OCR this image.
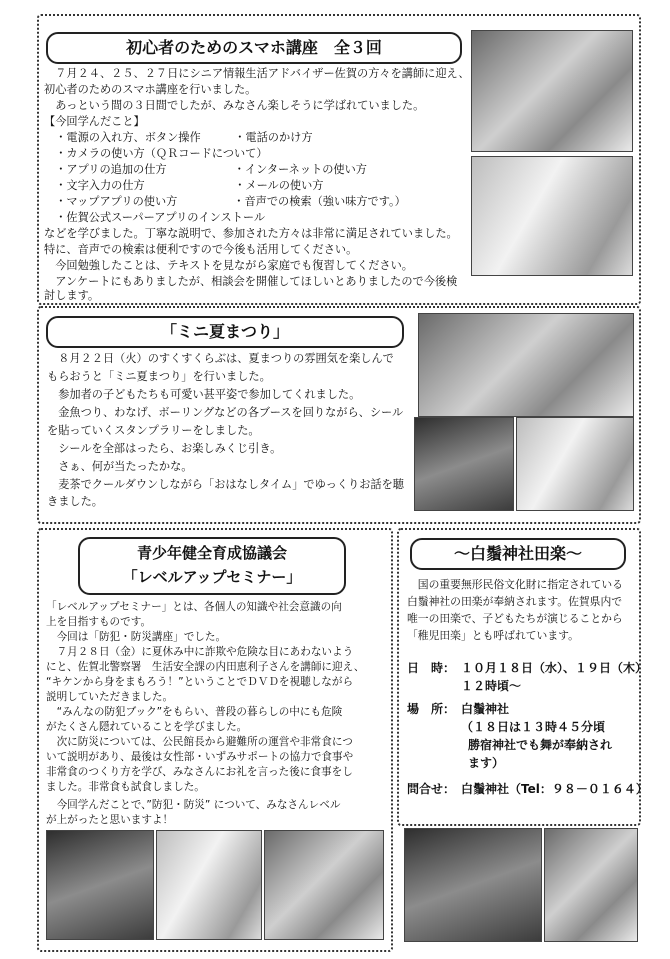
初心者のためのスマホ講座　全３回
　７月２４、２５、２７日にシニア情報生活アドバイザー佐賀の方々を講師に迎え、
初心者のためのスマホ講座を行いました。
　あっという間の３日間でしたが、みなさん楽しそうに学ばれていました。
【今回学んだこと】
　・電源の入れ方、ボタン操作　　　・電話のかけ方
　・カメラの使い方（ＱＲコードについて）
　・アプリの追加の仕方　　　　　　・インターネットの使い方
　・文字入力の仕方　　　　　　　　・メールの使い方
　・マップアプリの使い方　　　　　・音声での検索（強い味方です。）
　・佐賀公式スーパーアプリのインストール
などを学びました。丁寧な説明で、参加された方々は非常に満足されていました。
特に、音声での検索は便利ですので今後も活用してください。
　今回勉強したことは、テキストを見ながら家庭でも復習してください。
　アンケートにもありましたが、相談会を開催してほしいとありましたので今後検
討します。
「ミニ夏まつり」
　８月２２日（火）のすくすくらぶは、夏まつりの雰囲気を楽しんで
もらおうと「ミニ夏まつり」を行いました。
　参加者の子どもたちも可愛い甚平姿で参加してくれました。
　金魚つり、わなげ、ボーリングなどの各ブースを回りながら、シール
を貼っていくスタンプラリーをしました。
　シールを全部はったら、お楽しみくじ引き。
　さぁ、何が当たったかな。
　麦茶でクールダウンしながら「おはなしタイム」でゆっくりお話を聴
きました。
青少年健全育成協議会
「レベルアップセミナー」
「レベルアップセミナー」とは、各個人の知識や社会意識の向
上を目指すものです。
　今回は「防犯・防災講座」でした。
　７月２８日（金）に夏休み中に詐欺や危険な目にあわないよう
にと、佐賀北警察署　生活安全課の内田恵利子さんを講師に迎え、
“キケンから身をまもろう！”ということでＤＶＤを視聴しながら
説明していただきました。
　“みんなの防犯ブック”をもらい、普段の暮らしの中にも危険
がたくさん隠れていることを学びました。
　次に防災については、公民館長から避難所の運営や非常食につ
いて説明があり、最後は女性部・いずみサポートの協力で食事や
非常食のつくり方を学び、みなさんにお礼を言った後に食事をし
ました。非常食も試食しました。
　今回学んだことで、”防犯・防災” について、みなさんレベル
が上がったと思いますよ！
～白鬚神社田楽～
　国の重要無形民俗文化財に指定されている
白鬚神社の田楽が奉納されます。佐賀県内で
唯一の田楽で、子どもたちが演じることから
「稚児田楽」とも呼ばれています。
日　時： １０月１８日（水）、１９日（木）
１２時頃～
場　所： 白鬚神社
（１８日は１３時４５分頃
勝宿神社でも舞が奉納され
ます）
問合せ： 白鬚神社（Tel：９８－０１６４）
